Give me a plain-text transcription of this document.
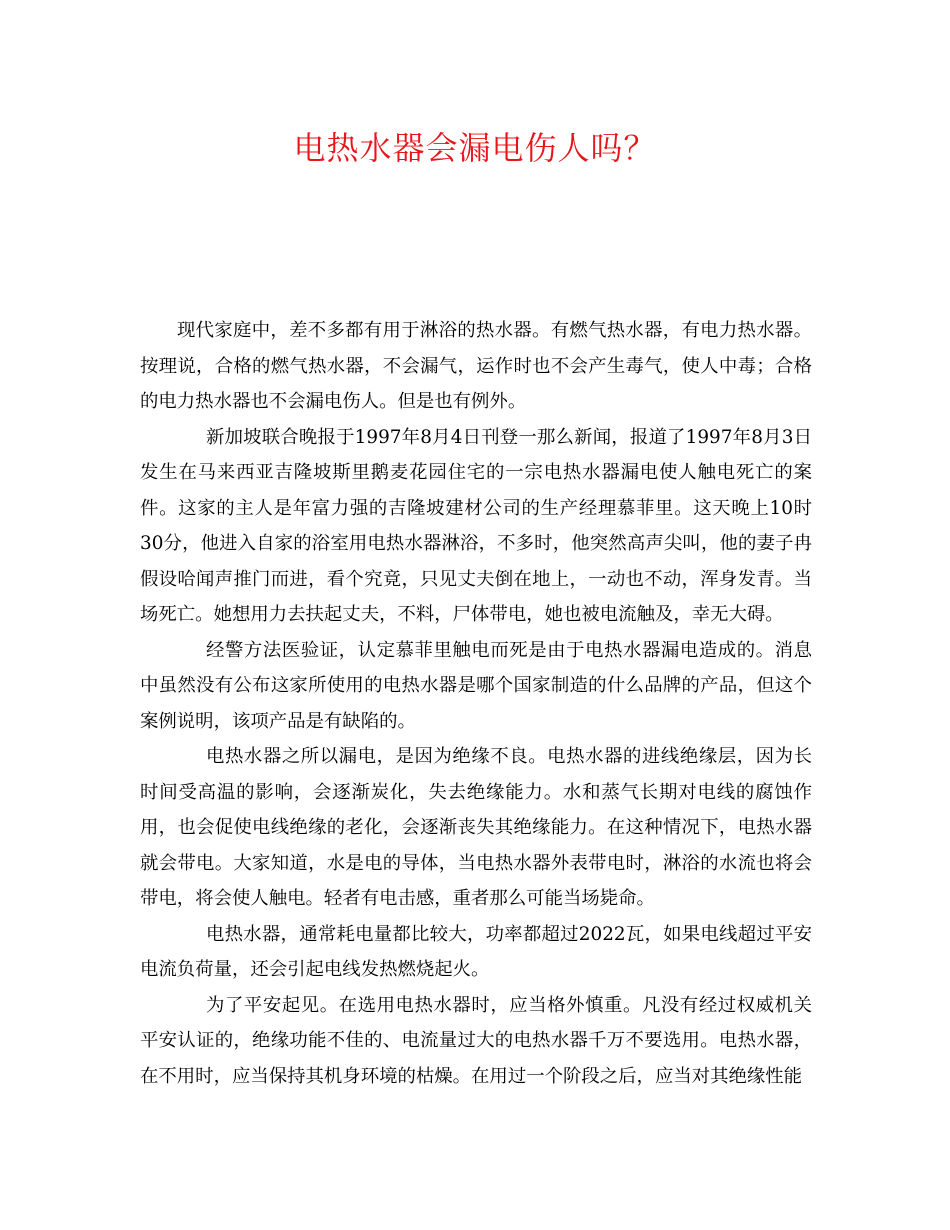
电热水器会漏电伤人吗？

现代家庭中，差不多都有用于淋浴的热水器。有燃气热水器，有电力热水器。按理说，合格的燃气热水器，不会漏气，运作时也不会产生毒气，使人中毒；合格的电力热水器也不会漏电伤人。但是也有例外。

新加坡联合晚报于1997年8月4日刊登一那么新闻，报道了1997年8月3日发生在马来西亚吉隆坡斯里鹅麦花园住宅的一宗电热水器漏电使人触电死亡的案件。这家的主人是年富力强的吉隆坡建材公司的生产经理慕菲里。这天晚上10时30分，他进入自家的浴室用电热水器淋浴，不多时，他突然高声尖叫，他的妻子冉假设哈闻声推门而进，看个究竟，只见丈夫倒在地上，一动也不动，浑身发青。当场死亡。她想用力去扶起丈夫，不料，尸体带电，她也被电流触及，幸无大碍。

经警方法医验证，认定慕菲里触电而死是由于电热水器漏电造成的。消息中虽然没有公布这家所使用的电热水器是哪个国家制造的什么品牌的产品，但这个案例说明，该项产品是有缺陷的。

电热水器之所以漏电，是因为绝缘不良。电热水器的进线绝缘层，因为长时间受高温的影响，会逐渐炭化，失去绝缘能力。水和蒸气长期对电线的腐蚀作用，也会促使电线绝缘的老化，会逐渐丧失其绝缘能力。在这种情况下，电热水器就会带电。大家知道，水是电的导体，当电热水器外表带电时，淋浴的水流也将会带电，将会使人触电。轻者有电击感，重者那么可能当场毙命。

电热水器，通常耗电量都比较大，功率都超过2022瓦，如果电线超过平安电流负荷量，还会引起电线发热燃烧起火。

为了平安起见。在选用电热水器时，应当格外慎重。凡没有经过权威机关平安认证的，绝缘功能不佳的、电流量过大的电热水器千万不要选用。电热水器，在不用时，应当保持其机身环境的枯燥。在用过一个阶段之后，应当对其绝缘性能
